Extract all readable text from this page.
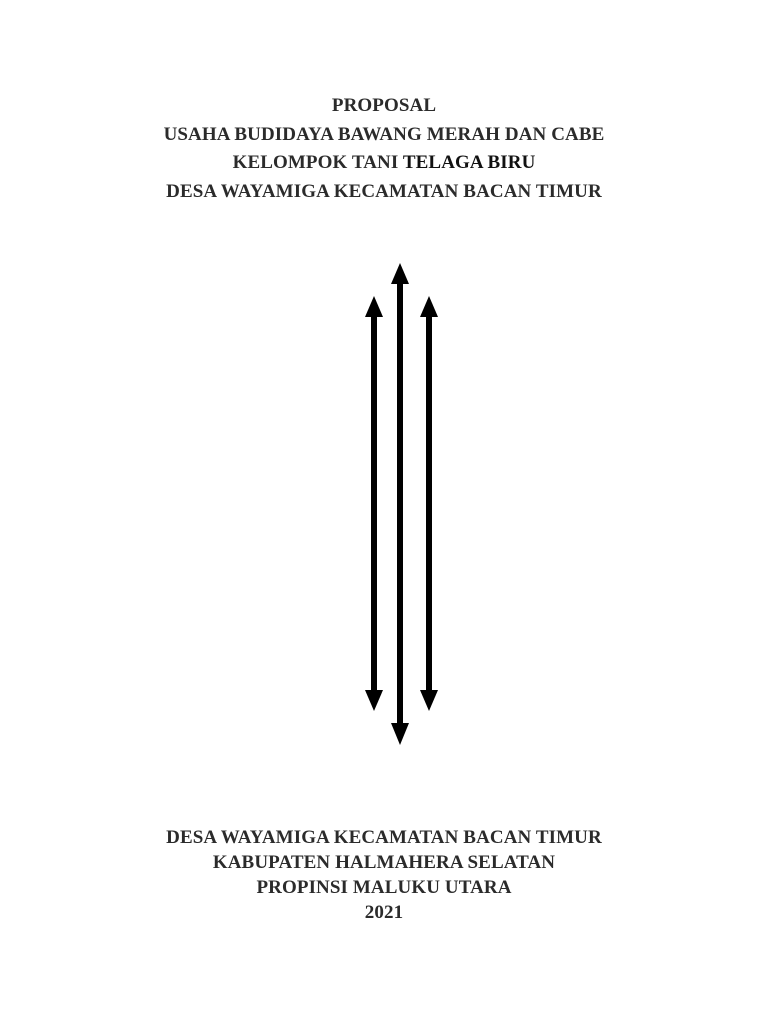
PROPOSAL
USAHA BUDIDAYA BAWANG MERAH DAN CABE
KELOMPOK TANI TELAGA BIRU
DESA WAYAMIGA KECAMATAN BACAN TIMUR
DESA WAYAMIGA KECAMATAN BACAN TIMUR
KABUPATEN HALMAHERA SELATAN
PROPINSI MALUKU UTARA
2021
